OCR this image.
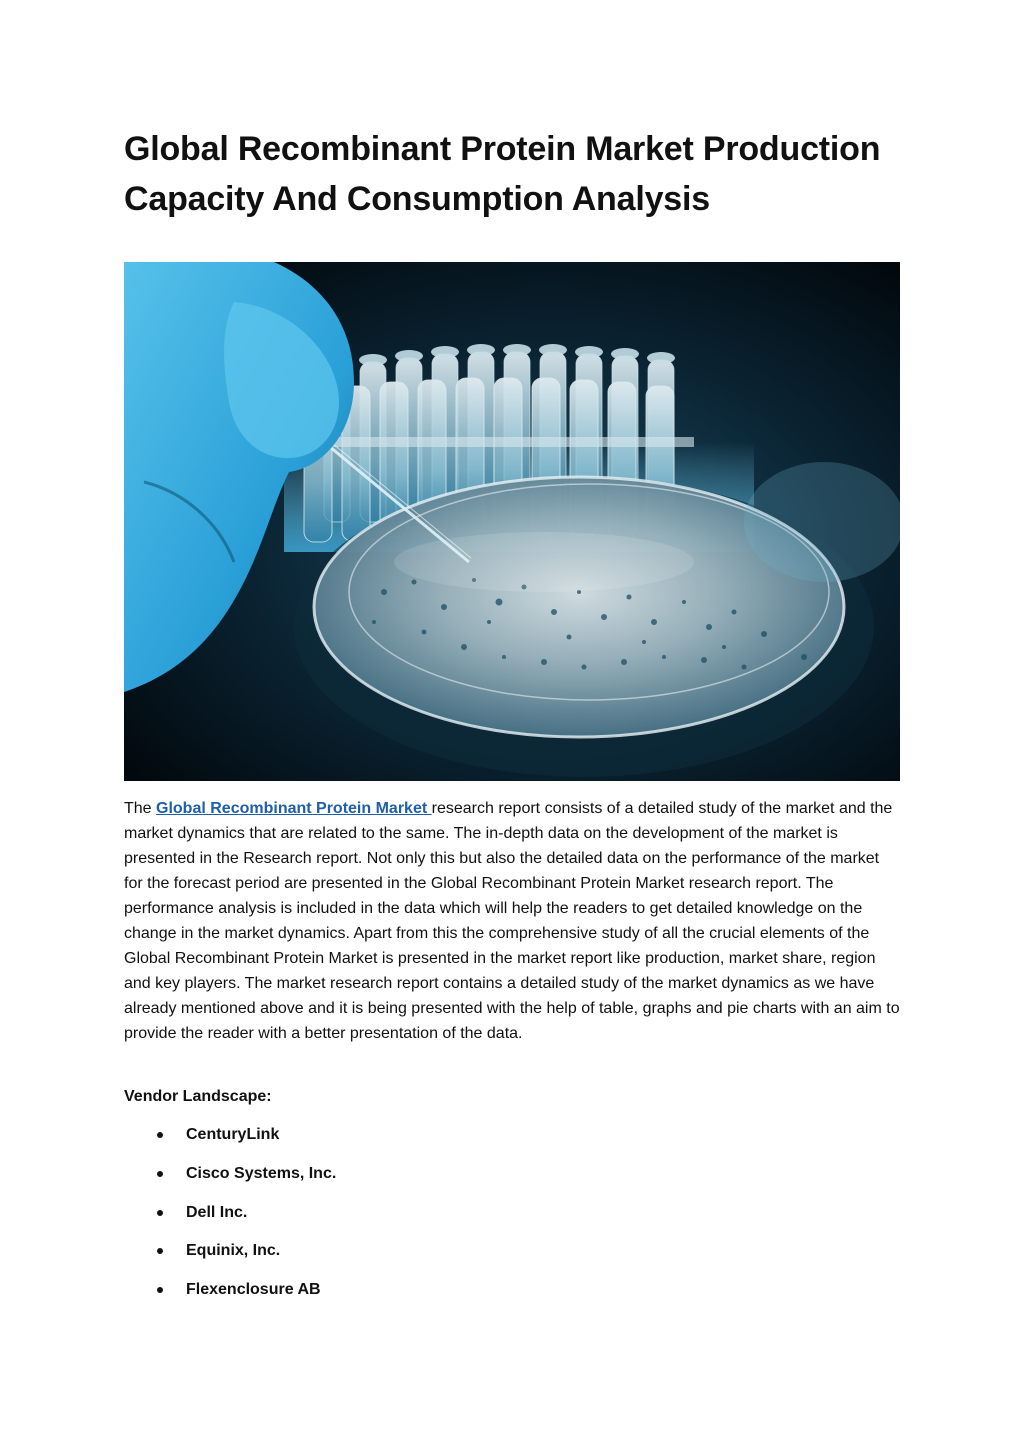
Global Recombinant Protein Market Production Capacity And Consumption Analysis

The Global Recombinant Protein Market research report consists of a detailed study of the market and the market dynamics that are related to the same. The in-depth data on the development of the market is presented in the Research report. Not only this but also the detailed data on the performance of the market for the forecast period are presented in the Global Recombinant Protein Market research report. The performance analysis is included in the data which will help the readers to get detailed knowledge on the change in the market dynamics. Apart from this the comprehensive study of all the crucial elements of the Global Recombinant Protein Market is presented in the market report like production, market share, region and key players. The market research report contains a detailed study of the market dynamics as we have already mentioned above and it is being presented with the help of table, graphs and pie charts with an aim to provide the reader with a better presentation of the data.

Vendor Landscape:

CenturyLink
Cisco Systems, Inc.
Dell Inc.
Equinix, Inc.
Flexenclosure AB
